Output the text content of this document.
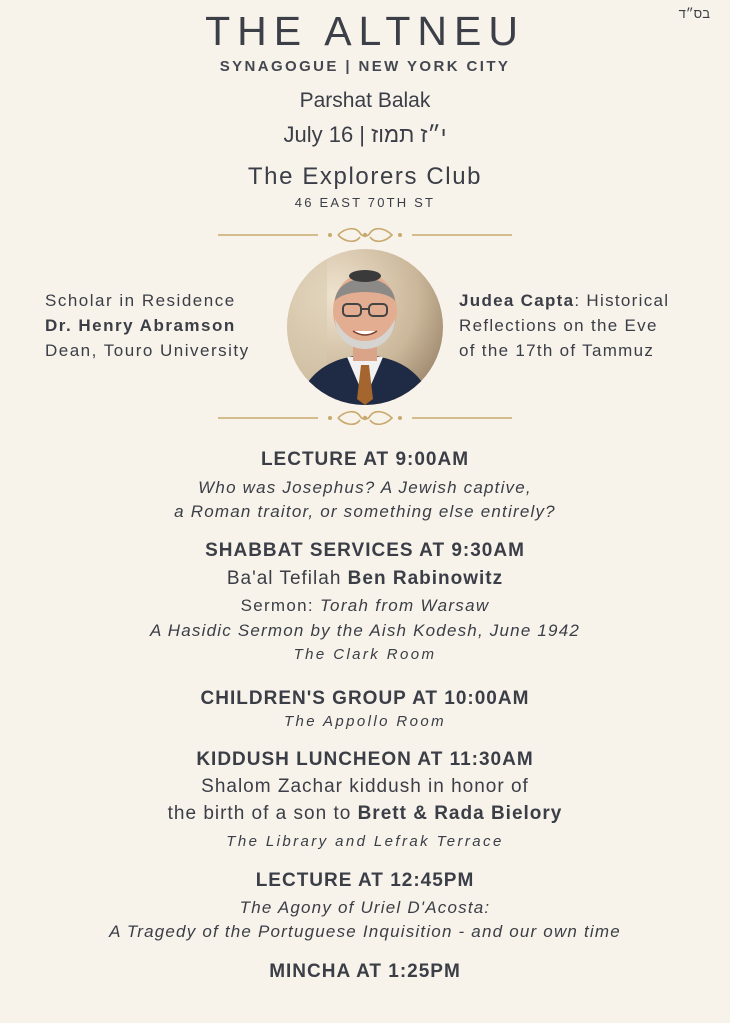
בס״ד
THE ALTNEU
SYNAGOGUE | NEW YORK CITY
Parshat Balak
July 16 | י״ז תמוז
The Explorers Club
46 EAST 70TH ST
Scholar in Residence
Dr. Henry Abramson
Dean, Touro University
Judea Capta: Historical
Reflections on the Eve
of the 17th of Tammuz
LECTURE AT 9:00AM
Who was Josephus? A Jewish captive,
a Roman traitor, or something else entirely?
SHABBAT SERVICES AT 9:30AM
Ba'al Tefilah Ben Rabinowitz
Sermon: Torah from Warsaw
A Hasidic Sermon by the Aish Kodesh, June 1942
The Clark Room
CHILDREN'S GROUP AT 10:00AM
The Appollo Room
KIDDUSH LUNCHEON AT 11:30AM
Shalom Zachar kiddush in honor of
the birth of a son to Brett & Rada Bielory
The Library and Lefrak Terrace
LECTURE AT 12:45PM
The Agony of Uriel D'Acosta:
A Tragedy of the Portuguese Inquisition - and our own time
MINCHA AT 1:25PM
